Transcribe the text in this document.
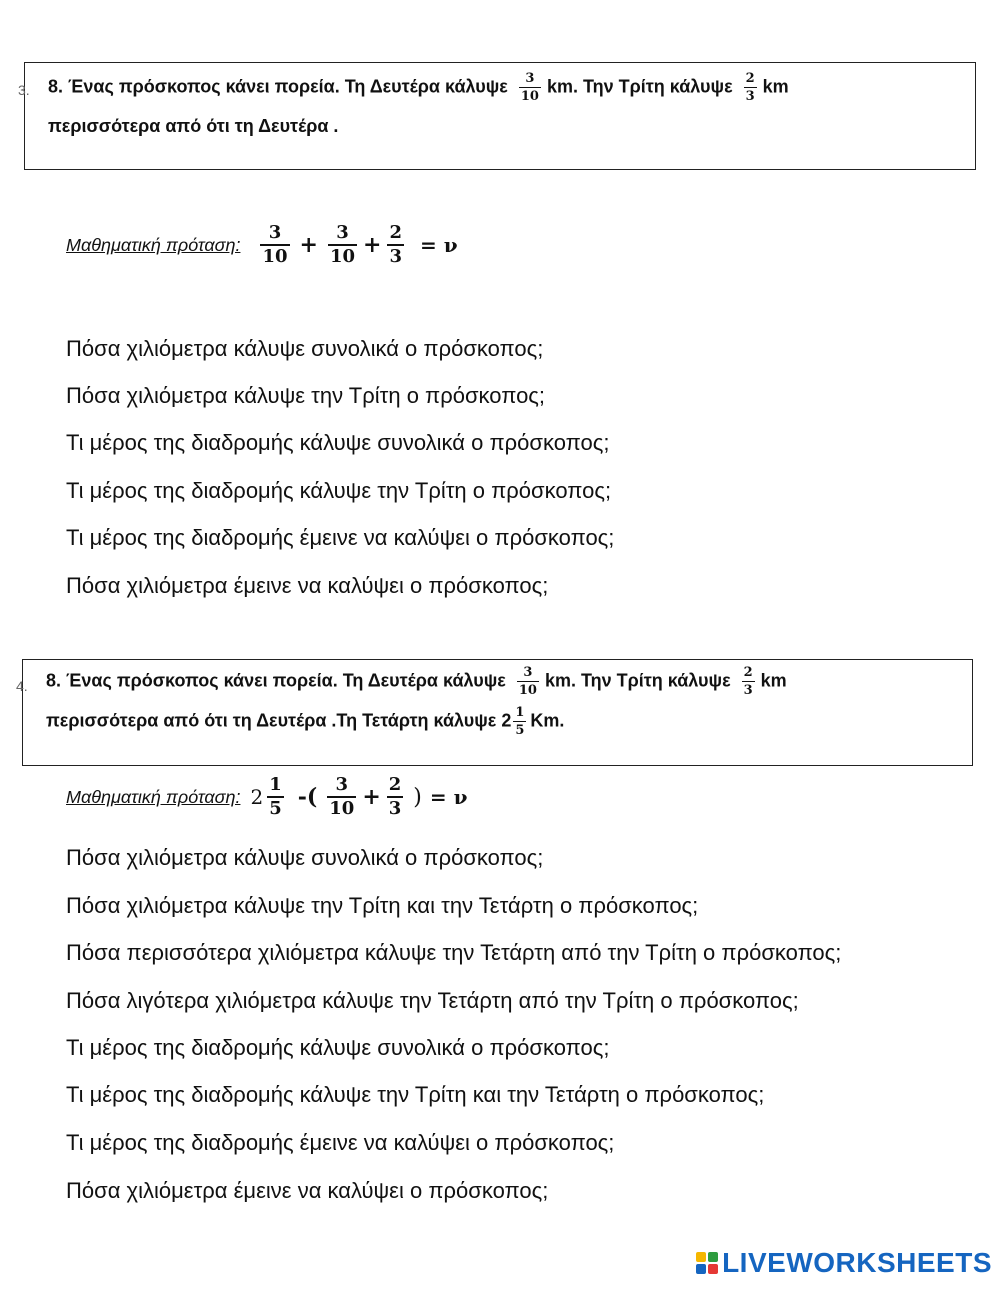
3. 8. Ένας πρόσκοπος κάνει πορεία. Τη Δευτέρα κάλυψε $\frac{3}{10}$ km. Την Τρίτη κάλυψε $\frac{2}{3}$ km
περισσότερα από ότι τη Δευτέρα .
Μαθηματική πρόταση: $\frac{3}{10} + \frac{3}{10} + \frac{2}{3} = \nu$
Πόσα χιλιόμετρα κάλυψε συνολικά ο πρόσκοπος;
Πόσα χιλιόμετρα κάλυψε την Τρίτη ο πρόσκοπος;
Τι μέρος της διαδρομής κάλυψε συνολικά ο πρόσκοπος;
Τι μέρος της διαδρομής κάλυψε την Τρίτη ο πρόσκοπος;
Τι μέρος της διαδρομής έμεινε να καλύψει ο πρόσκοπος;
Πόσα χιλιόμετρα έμεινε να καλύψει ο πρόσκοπος;
4. 8. Ένας πρόσκοπος κάνει πορεία. Τη Δευτέρα κάλυψε $\frac{3}{10}$ km. Την Τρίτη κάλυψε $\frac{2}{3}$ km
περισσότερα από ότι τη Δευτέρα .Τη Τετάρτη κάλυψε $2 \frac{1}{5} Km$.
Μαθηματική πρόταση: $2 \frac{1}{5}$ -( $\frac{3}{10} + \frac{2}{3}$ ) = ν
Πόσα χιλιόμετρα κάλυψε συνολικά ο πρόσκοπος;
Πόσα χιλιόμετρα κάλυψε την Τρίτη και την Τετάρτη ο πρόσκοπος;
Πόσα περισσότερα χιλιόμετρα κάλυψε την Τετάρτη από την Τρίτη ο πρόσκοπος;
Πόσα λιγότερα χιλιόμετρα κάλυψε την Τετάρτη από την Τρίτη ο πρόσκοπος;
Τι μέρος της διαδρομής κάλυψε συνολικά ο πρόσκοπος;
Τι μέρος της διαδρομής κάλυψε την Τρίτη και την Τετάρτη ο πρόσκοπος;
Τι μέρος της διαδρομής έμεινε να καλύψει ο πρόσκοπος;
Πόσα χιλιόμετρα έμεινε να καλύψει ο πρόσκοπος;
LIVEWORKSHEETS
